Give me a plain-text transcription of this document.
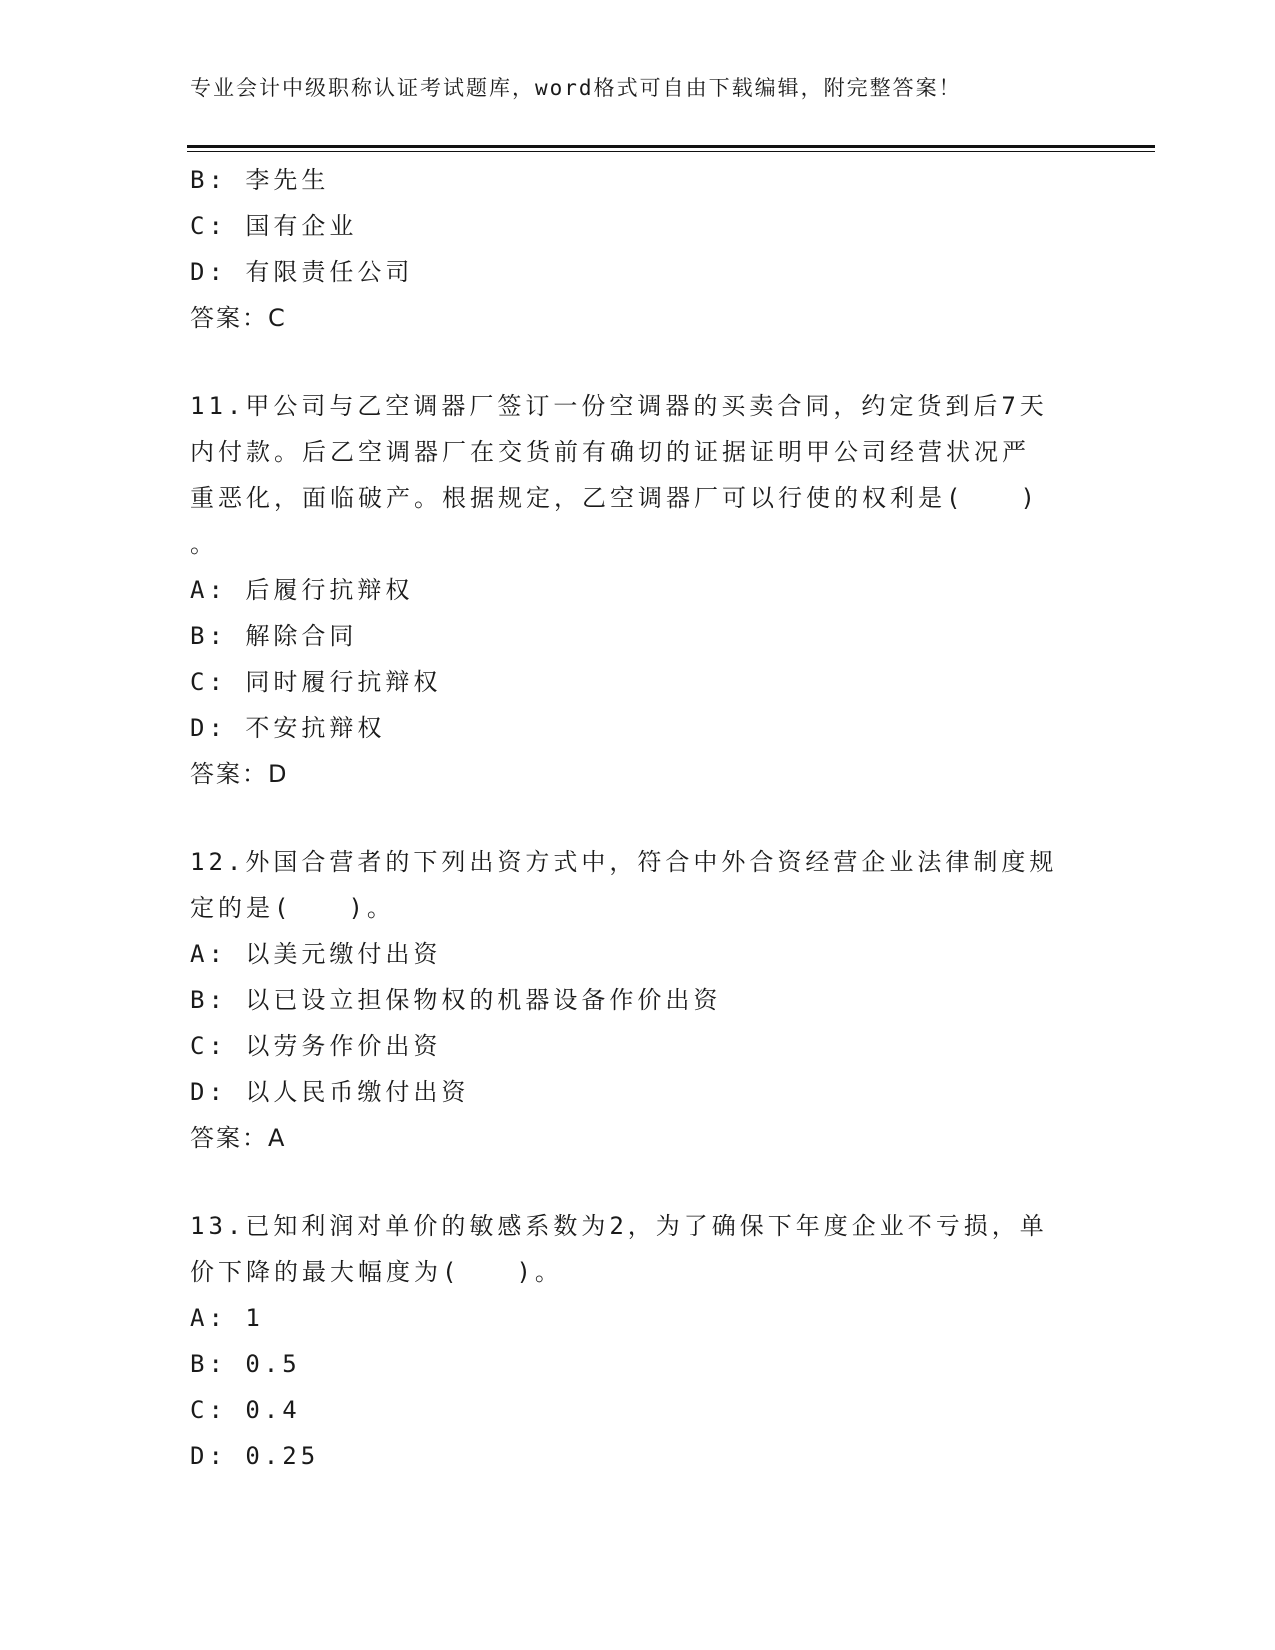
专业会计中级职称认证考试题库，word格式可自由下载编辑，附完整答案！
B: 李先生
C: 国有企业
D: 有限责任公司
答案：C
11.甲公司与乙空调器厂签订一份空调器的买卖合同，约定货到后7天
内付款。后乙空调器厂在交货前有确切的证据证明甲公司经营状况严
重恶化，面临破产。根据规定，乙空调器厂可以行使的权利是(　　)
。
A: 后履行抗辩权
B: 解除合同
C: 同时履行抗辩权
D: 不安抗辩权
答案：D
12.外国合营者的下列出资方式中，符合中外合资经营企业法律制度规
定的是(　　)。
A: 以美元缴付出资
B: 以已设立担保物权的机器设备作价出资
C: 以劳务作价出资
D: 以人民币缴付出资
答案：A
13.已知利润对单价的敏感系数为2，为了确保下年度企业不亏损，单
价下降的最大幅度为(　　)。
A: 1
B: 0.5
C: 0.4
D: 0.25
